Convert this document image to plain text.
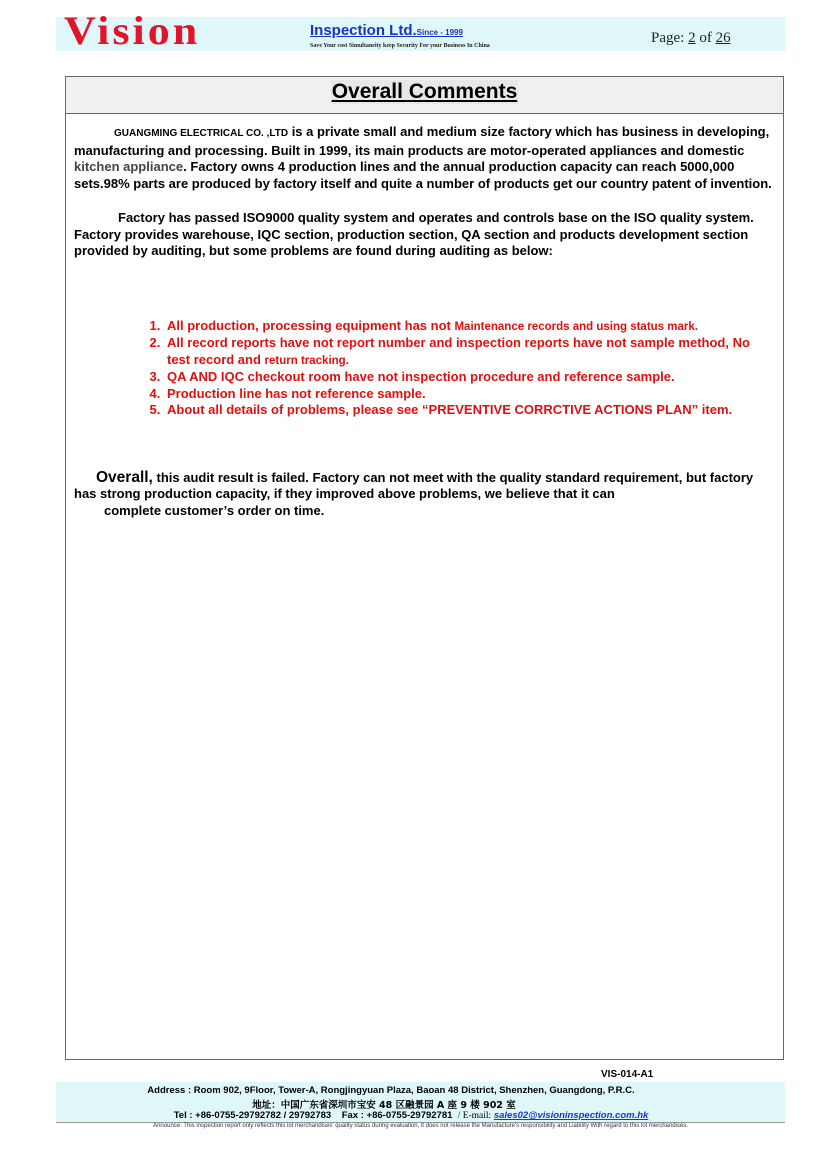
Vision	Inspection Ltd.Since - 1999
Save Your cost Simultaneity keep Security For your Business In China	Page: 2 of 26
Overall Comments

GUANGMING ELECTRICAL CO. ,LTD is a private small and medium size factory which has business in developing, manufacturing and processing. Built in 1999, its main products are motor-operated appliances and domestic kitchen appliance. Factory owns 4 production lines and the annual production capacity can reach 5000,000 sets.98% parts are produced by factory itself and quite a number of products get our country patent of invention.

Factory has passed ISO9000 quality system and operates and controls base on the ISO quality system. Factory provides warehouse, IQC section, production section, QA section and products development section provided by auditing, but some problems are found during auditing as below:

1. All production, processing equipment has not Maintenance records and using status mark.
2. All record reports have not report number and inspection reports have not sample method, No test record and return tracking.
3. QA AND IQC checkout room have not inspection procedure and reference sample.
4. Production line has not reference sample.
5. About all details of problems, please see “PREVENTIVE CORRCTIVE ACTIONS PLAN” item.

Overall, this audit result is failed. Factory can not meet with the quality standard requirement, but factory has strong production capacity, if they improved above problems, we believe that it can
complete customer’s order on time.

VIS-014-A1
Address : Room 902, 9Floor, Tower-A, Rongjingyuan Plaza, Baoan 48 District, Shenzhen, Guangdong, P.R.C.
地址：中国广东省深圳市宝安 48 区融景园 A 座 9 楼 902 室
Tel : +86-0755-29792782 / 29792783 Fax : +86-0755-29792781 / E-mail: sales02@visioninspection.com.hk
Announce: This inspection report only reflects this lot merchandises' quality status during evaluation, it does not release the Manufacture's responsibility and Liability With regard to this lot merchandises.
